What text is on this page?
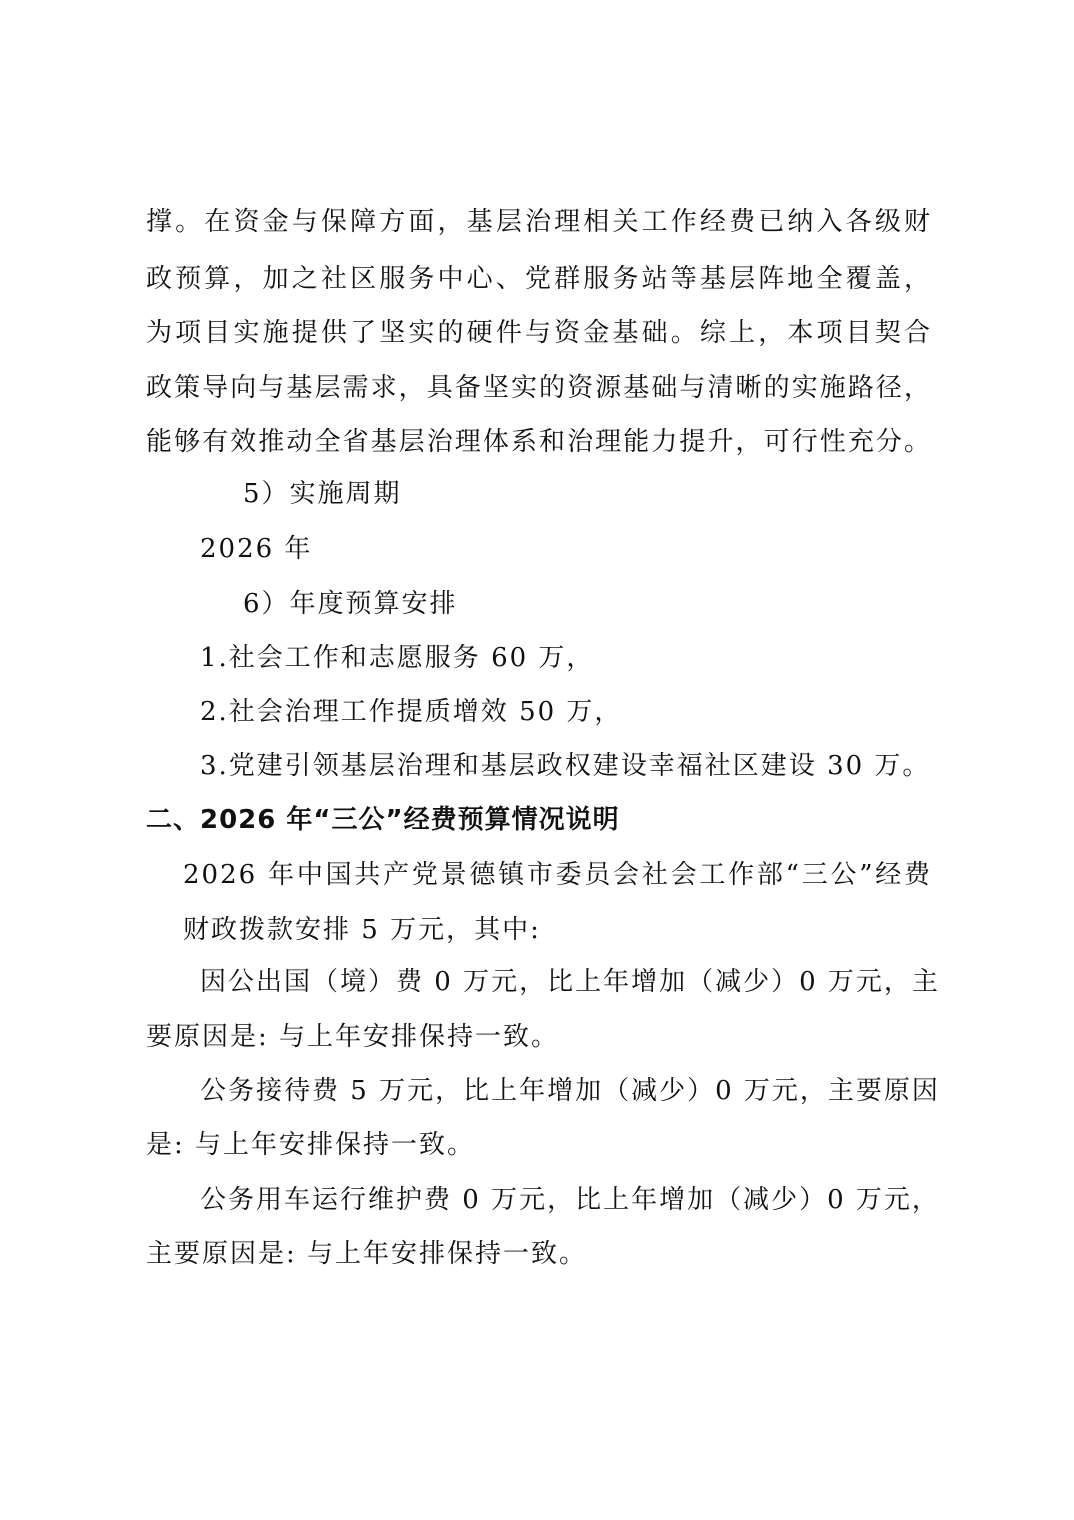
撑。在资金与保障方面，基层治理相关工作经费已纳入各级财

政预算，加之社区服务中心、党群服务站等基层阵地全覆盖，

为项目实施提供了坚实的硬件与资金基础。综上，本项目契合

政策导向与基层需求，具备坚实的资源基础与清晰的实施路径，

能够有效推动全省基层治理体系和治理能力提升，可行性充分。

5）实施周期

2026 年

6）年度预算安排

1.社会工作和志愿服务 60 万，

2.社会治理工作提质增效 50 万，

3.党建引领基层治理和基层政权建设幸福社区建设 30 万。

二、2026 年“三公”经费预算情况说明

2026 年中国共产党景德镇市委员会社会工作部“三公”经费

财政拨款安排 5 万元，其中:

因公出国（境）费 0 万元，比上年增加（减少）0 万元，主

要原因是: 与上年安排保持一致。

公务接待费 5 万元，比上年增加（减少）0 万元，主要原因

是: 与上年安排保持一致。

公务用车运行维护费 0 万元，比上年增加（减少）0 万元，

主要原因是: 与上年安排保持一致。
